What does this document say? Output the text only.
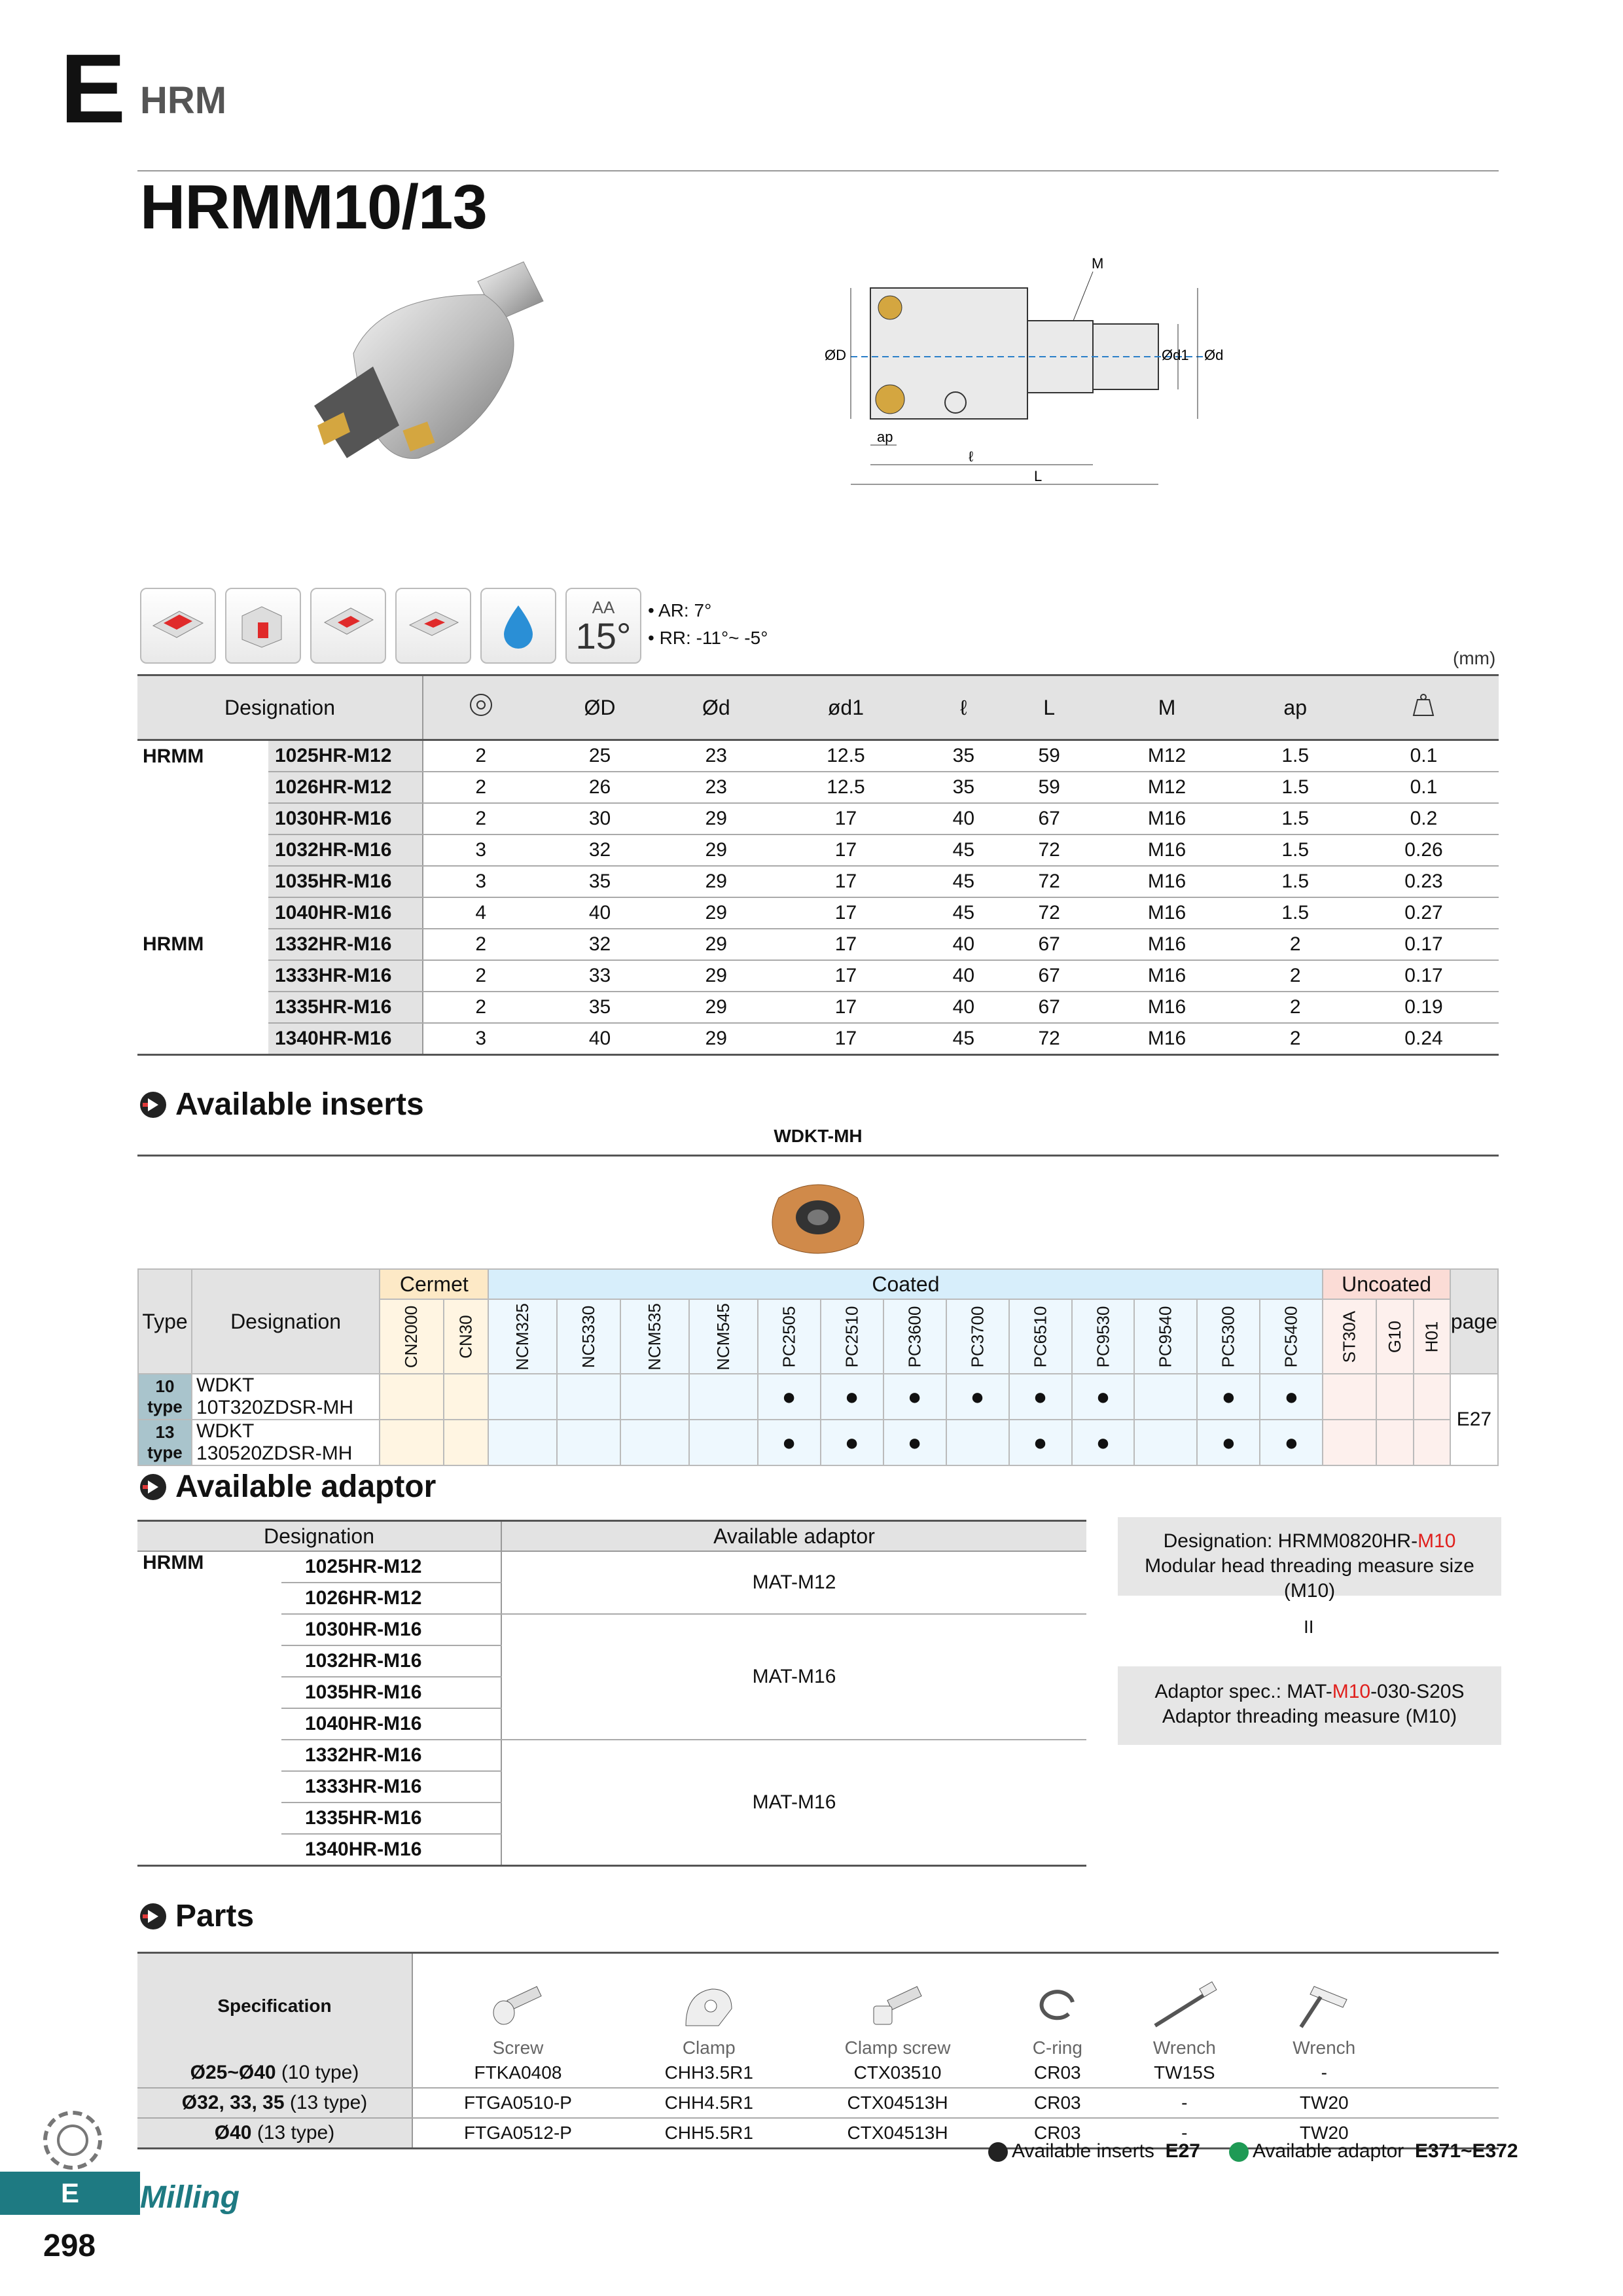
E HRM
HRMM10/13
M
ØD	Ød1 Ød
ap
ℓ
L
AA
15°
• AR: 7°
• RR: -11°~ -5°
(mm)
Designation			ØD	Ød	ød1	ℓ	L	M	ap	
HRMM	1025HR-M12	2	25	23	12.5	35	59	M12	1.5	0.1
	1026HR-M12	2	26	23	12.5	35	59	M12	1.5	0.1
	1030HR-M16	2	30	29	17	40	67	M16	1.5	0.2
	1032HR-M16	3	32	29	17	45	72	M16	1.5	0.26
	1035HR-M16	3	35	29	17	45	72	M16	1.5	0.23
	1040HR-M16	4	40	29	17	45	72	M16	1.5	0.27
HRMM	1332HR-M16	2	32	29	17	40	67	M16	2	0.17
	1333HR-M16	2	33	29	17	40	67	M16	2	0.17
	1335HR-M16	2	35	29	17	40	67	M16	2	0.19
	1340HR-M16	3	40	29	17	45	72	M16	2	0.24
Available inserts
WDKT-MH
Type	Designation	Cermet		Coated													Uncoated			page
		CN2000	CN30	NCM325	NC5330	NCM535	NCM545	PC2505	PC2510	PC3600	PC3700	PC6510	PC9530	PC9540	PC5300	PC5400	ST30A	G10	H01	
10 type	WDKT10T320ZDSR-MH							●	●	●	●	●	●		●	●				E27
13 type	WDKT130520ZDSR-MH							●	●	●		●	●		●	●				
Available adaptor
Designation		Available adaptor
HRMM	1025HR-M12	MAT-M12
	1026HR-M12	
	1030HR-M16	MAT-M16
	1032HR-M16	
	1035HR-M16	
	1040HR-M16	
	1332HR-M16	MAT-M16
	1333HR-M16	
	1335HR-M16	
	1340HR-M16	
Designation: HRMM0820HR-M10
Modular head threading measure size (M10)
II
Adaptor spec.: MAT-M10-030-S20S
Adaptor threading measure (M10)
Parts
Specification	Screw	Clamp	Clamp screw	C-ring	Wrench	Wrench	

Ø25~Ø40 (10 type)	FTKA0408	CHH3.5R1	CTX03510	CR03	TW15S	-	
Ø32, 33, 35 (13 type)	FTGA0510-P	CHH4.5R1	CTX04513H	CR03	-	TW20	
Ø40 (13 type)	FTGA0512-P	CHH5.5R1	CTX04513H	CR03	-	TW20	
Available inserts E27	Available adaptor E371~E372
E	Milling
298
